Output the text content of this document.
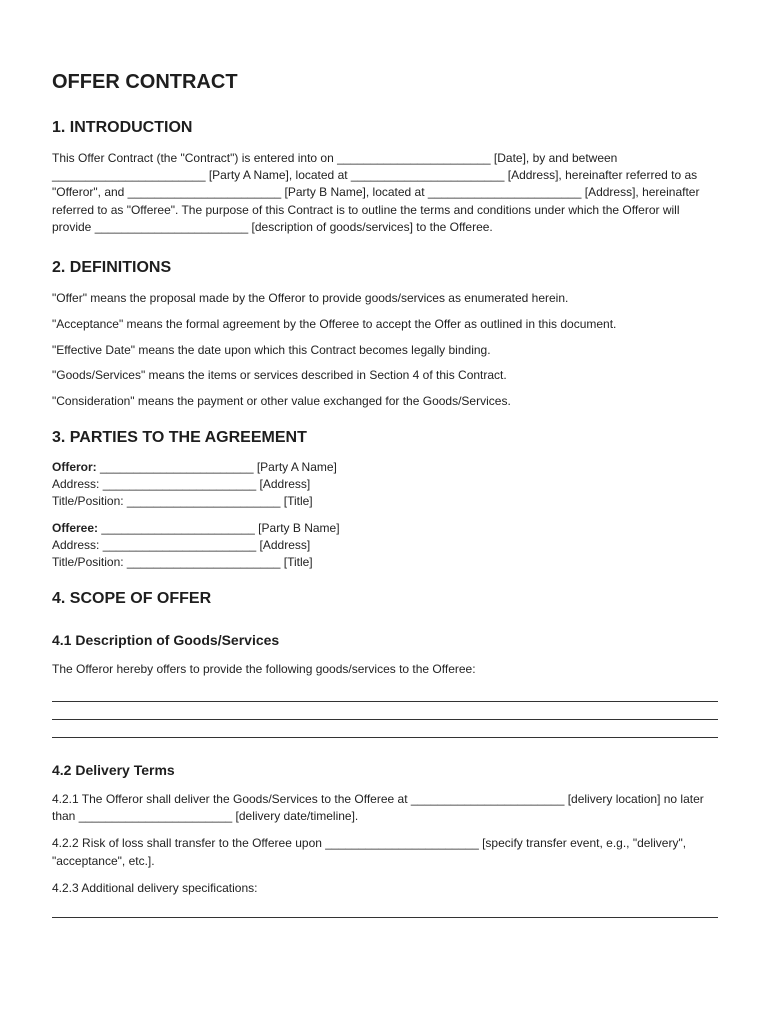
OFFER CONTRACT
1. INTRODUCTION

This Offer Contract (the "Contract") is entered into on _______________________ [Date], by and between _______________________ [Party A Name], located at _______________________ [Address], hereinafter referred to as "Offeror", and _______________________ [Party B Name], located at _______________________ [Address], hereinafter referred to as "Offeree". The purpose of this Contract is to outline the terms and conditions under which the Offeror will provide _______________________ [description of goods/services] to the Offeree.

2. DEFINITIONS

"Offer" means the proposal made by the Offeror to provide goods/services as enumerated herein.

"Acceptance" means the formal agreement by the Offeree to accept the Offer as outlined in this document.

"Effective Date" means the date upon which this Contract becomes legally binding.

"Goods/Services" means the items or services described in Section 4 of this Contract.

"Consideration" means the payment or other value exchanged for the Goods/Services.

3. PARTIES TO THE AGREEMENT

Offeror: _______________________ [Party A Name]

Address: _______________________ [Address]

Title/Position: _______________________ [Title]

Offeree: _______________________ [Party B Name]

Address: _______________________ [Address]

Title/Position: _______________________ [Title]

4. SCOPE OF OFFER
4.1 Description of Goods/Services

The Offeror hereby offers to provide the following goods/services to the Offeree:

4.2 Delivery Terms

4.2.1 The Offeror shall deliver the Goods/Services to the Offeree at _______________________ [delivery location] no later than _______________________ [delivery date/timeline].

4.2.2 Risk of loss shall transfer to the Offeree upon _______________________ [specify transfer event, e.g., "delivery", "acceptance", etc.].

4.2.3 Additional delivery specifications:
